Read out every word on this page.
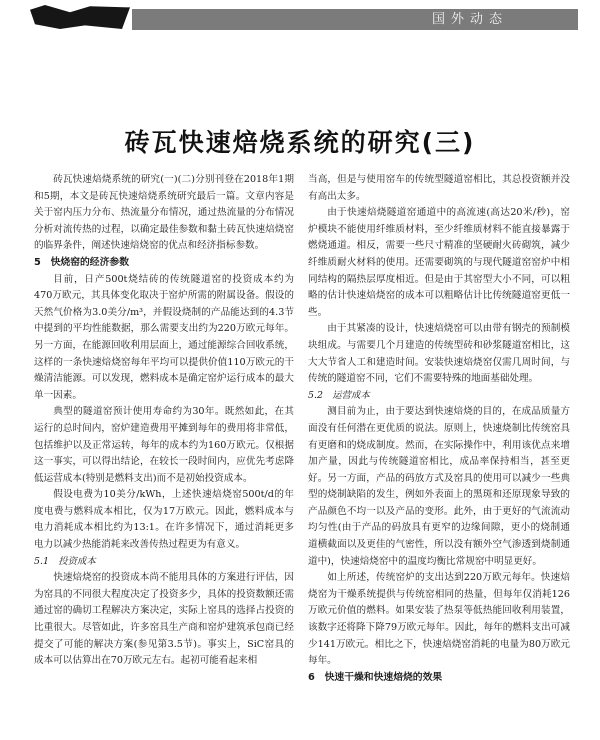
国外动态
砖瓦快速焙烧系统的研究(三)

砖瓦快速焙烧系统的研究(一)(二)分别刊登在2018年1期和5期，本文是砖瓦快速焙烧系统研究最后一篇。文章内容是关于窑内压力分布、热流量分布情况，通过热流量的分布情况分析对流传热的过程，以确定最佳参数和黏土砖瓦快速焙烧窑的临界条件，阐述快速焙烧窑的优点和经济指标参数。

5　快烧窑的经济参数

目前，日产500t烧结砖的传统隧道窑的投资成本约为470万欧元，其具体变化取决于窑炉所需的附属设备。假设的天然气价格为3.0美分/m³，并假设烧制的产品能达到的4.3节中提到的平均性能数据，那么需要支出约为220万欧元每年。另一方面，在能源回收利用层面上，通过能源综合回收系统，这样的一条快速焙烧窑每年平均可以提供价值110万欧元的干燥清洁能源。可以发现，燃料成本是确定窑炉运行成本的最大单一因素。

典型的隧道窑预计使用寿命约为30年。既然如此，在其运行的总时间内，窑炉建造费用平摊到每年的费用将非常低，包括维护以及正常运转，每年的成本约为160万欧元。仅根据这一事实，可以得出结论，在较长一段时间内，应优先考虑降低运营成本(特别是燃料支出)而不是初始投资成本。

假设电费为10美分/kWh，上述快速焙烧窑500t/d的年度电费与燃料成本相比，仅为17万欧元。因此，燃料成本与电力消耗成本相比约为13:1。在许多情况下，通过消耗更多电力以减少热能消耗来改善传热过程更为有意义。

5.1　投资成本

快速焙烧窑的投资成本尚不能用具体的方案进行评估，因为窑具的不同很大程度决定了投资多少，具体的投资数额还需通过窑的确切工程解决方案决定，实际上窑具的选择占投资的比重很大。尽管如此，许多窑具生产商和窑炉建筑承包商已经提交了可能的解决方案(参见第3.5节)。事实上，SiC窑具的成本可以估算出在70万欧元左右。起初可能看起来相

当高，但是与使用窑车的传统型隧道窑相比，其总投资额并没有高出太多。

由于快速焙烧隧道窑通道中的高流速(高达20米/秒)，窑炉模块不能使用纤维质材料，至少纤维质材料不能直接暴露于燃烧通道。相反，需要一些尺寸精准的坚硬耐火砖砌筑，减少纤维质耐火材料的使用。还需要砌筑的与现代隧道窑窑炉中相同结构的隔热层厚度相近。但是由于其窑型大小不同，可以粗略的估计快速焙烧窑的成本可以粗略估计比传统隧道窑更低一些。

由于其紧凑的设计，快速焙烧窑可以由带有钢壳的预制模块组成。与需要几个月建造的传统型砖和砂浆隧道窑相比，这大大节省人工和建造时间。安装快速焙烧窑仅需几周时间，与传统的隧道窑不同，它们不需要特殊的地面基础处理。

5.2　运营成本

测目前为止，由于要达到快速焙烧的目的，在成品质量方面没有任何潜在更优质的说法。原则上，快速烧制比传统窑具有更磨和的烧成制度。然而，在实际操作中，利用该优点来增加产量，因此与传统隧道窑相比，成品率保持相当，甚至更好。另一方面，产品的码放方式及窑具的使用可以减少一些典型的烧制缺陷的发生，例如外表面上的黑斑和还原现象导致的产品颜色不均一以及产品的变形。此外，由于更好的气流流动均匀性(由于产品的码放具有更窄的边缘间隙，更小的烧制通道横截面以及更佳的气密性，所以没有额外空气渗透到烧制通道中)，快速焙烧窑中的温度均衡比常规窑中明显更好。

如上所述，传统窑炉的支出达到220万欧元每年。快速焙烧窑为干燥系统提供与传统窑相同的热量，但每年仅消耗126万欧元价值的燃料。如果安装了热泵等低热能回收利用装置，该数字还将降下降79万欧元每年。因此，每年的燃料支出可减少141万欧元。相比之下，快速焙烧窑消耗的电量为80万欧元每年。

6　快速干燥和快速焙烧的效果
